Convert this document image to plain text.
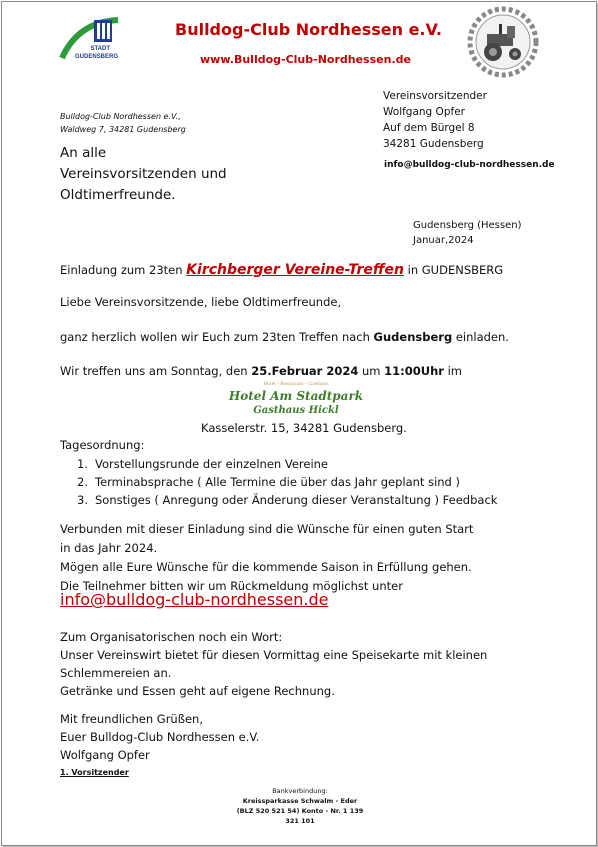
STADT
GUDENSBERG
Bulldog-Club Nordhessen e.V.
www.Bulldog-Club-Nordhessen.de
Bulldog-Club Nordhessen e.V.,
Waldweg 7, 34281 Gudensberg
Vereinsvorsitzender
Wolfgang Opfer
Auf dem Bürgel 8
34281 Gudensberg
An alle
Vereinsvorsitzenden und
Oldtimerfreunde.
info@bulldog-club-nordhessen.de
Gudensberg (Hessen)
Januar,2024
Einladung zum 23ten Kirchberger Vereine-Treffen in GUDENSBERG
Liebe Vereinsvorsitzende, liebe Oldtimerfreunde,
ganz herzlich wollen wir Euch zum 23ten Treffen nach Gudensberg einladen.
Wir treffen uns am Sonntag, den 25.Februar 2024 um 11:00Uhr im
Hotel - Restaurant - Gasthaus
Hotel Am Stadtpark
Gasthaus Hickl
Kasselerstr. 15, 34281 Gudensberg.
Tagesordnung:
1. Vorstellungsrunde der einzelnen Vereine
2. Terminabsprache ( Alle Termine die über das Jahr geplant sind )
3. Sonstiges ( Anregung oder Änderung dieser Veranstaltung ) Feedback
Verbunden mit dieser Einladung sind die Wünsche für einen guten Start
in das Jahr 2024.
Mögen alle Eure Wünsche für die kommende Saison in Erfüllung gehen.
Die Teilnehmer bitten wir um Rückmeldung möglichst unter
info@bulldog-club-nordhessen.de
Zum Organisatorischen noch ein Wort:
Unser Vereinswirt bietet für diesen Vormittag eine Speisekarte mit kleinen
Schlemmereien an.
Getränke und Essen geht auf eigene Rechnung.
Mit freundlichen Grüßen,
Euer Bulldog-Club Nordhessen e.V.
Wolfgang Opfer
1. Vorsitzender
Bankverbindung:
Kreissparkasse Schwalm - Eder
(BLZ 520 521 54) Konto - Nr. 1 139 321 101
